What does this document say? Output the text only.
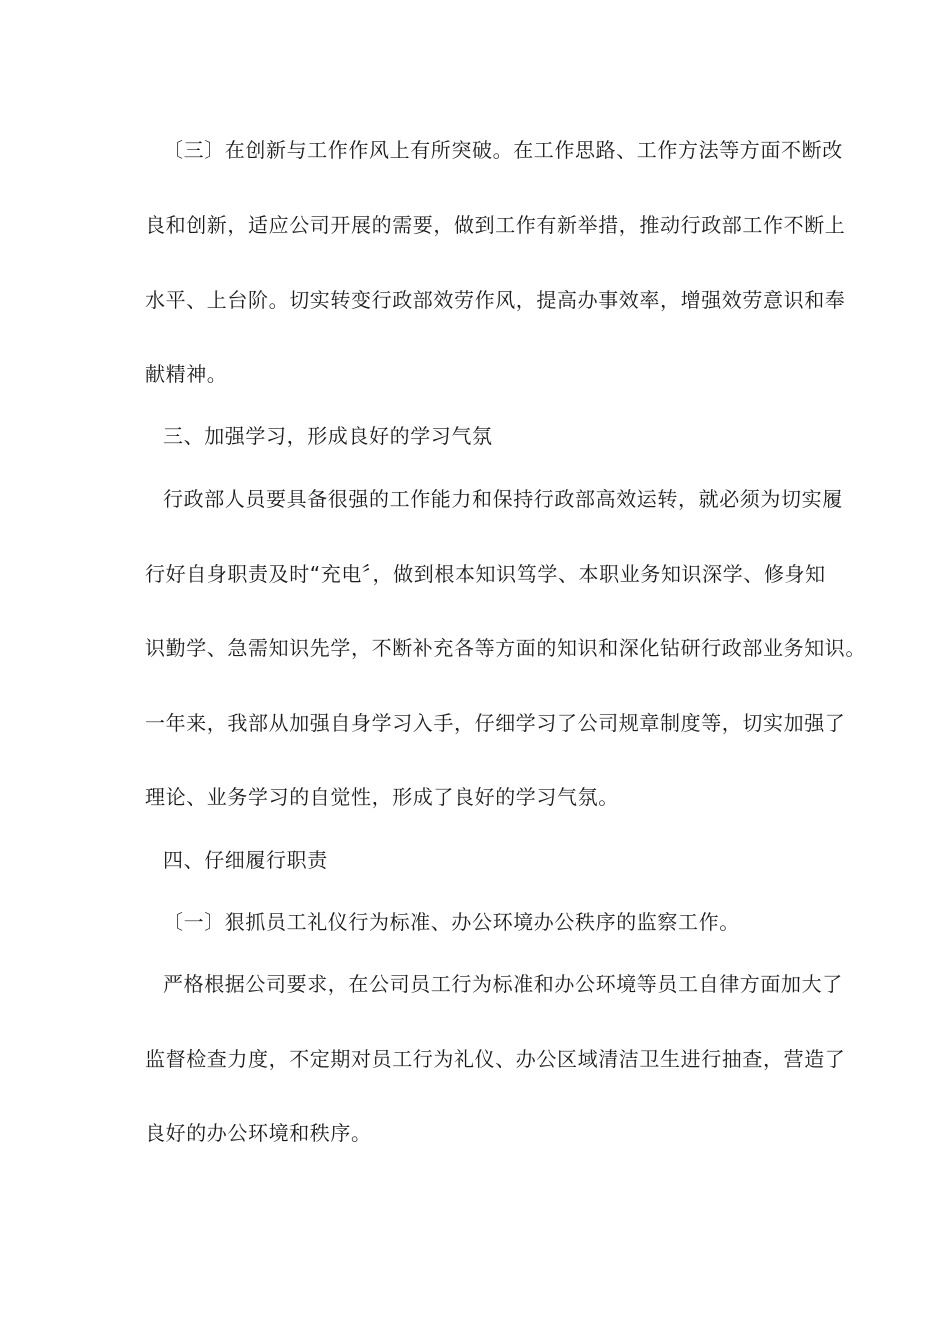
〔三〕在创新与工作作风上有所突破。在工作思路、工作方法等方面不断改
良和创新，适应公司开展的需要，做到工作有新举措，推动行政部工作不断上
水平、上台阶。切实转变行政部效劳作风，提高办事效率，增强效劳意识和奉
献精神。
三、加强学习，形成良好的学习气氛
行政部人员要具备很强的工作能力和保持行政部高效运转，就必须为切实履
行好自身职责及时“充电〞，做到根本知识笃学、本职业务知识深学、修身知
识勤学、急需知识先学，不断补充各等方面的知识和深化钻研行政部业务知识。
一年来，我部从加强自身学习入手，仔细学习了公司规章制度等，切实加强了
理论、业务学习的自觉性，形成了良好的学习气氛。
四、仔细履行职责
〔一〕狠抓员工礼仪行为标准、办公环境办公秩序的监察工作。
严格根据公司要求，在公司员工行为标准和办公环境等员工自律方面加大了
监督检查力度，不定期对员工行为礼仪、办公区域清洁卫生进行抽查，营造了
良好的办公环境和秩序。
